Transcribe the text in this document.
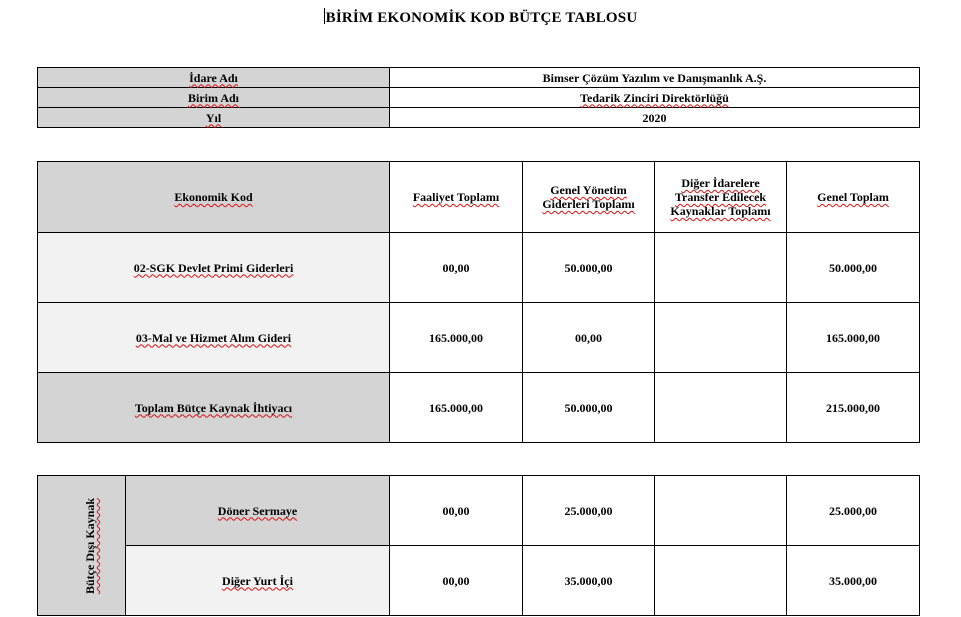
BİRİM EKONOMİK KOD BÜTÇE TABLOSU
İdare Adı	Bimser Çözüm Yazılım ve Danışmanlık A.Ş.
Birim Adı	Tedarik Zinciri Direktörlüğü
Yıl	2020
Ekonomik Kod	Faaliyet Toplamı	Genel Yönetim Giderleri Toplamı	Diğer İdarelere Transfer Edilecek Kaynaklar Toplamı	Genel Toplam
02-SGK Devlet Primi Giderleri	00,00	50.000,00		50.000,00
03-Mal ve Hizmet Alım Gideri	165.000,00	00,00		165.000,00
Toplam Bütçe Kaynak İhtiyacı	165.000,00	50.000,00		215.000,00
Bütçe Dışı Kaynak	Döner Sermaye	00,00	25.000,00		25.000,00
	Diğer Yurt İçi	00,00	35.000,00		35.000,00
